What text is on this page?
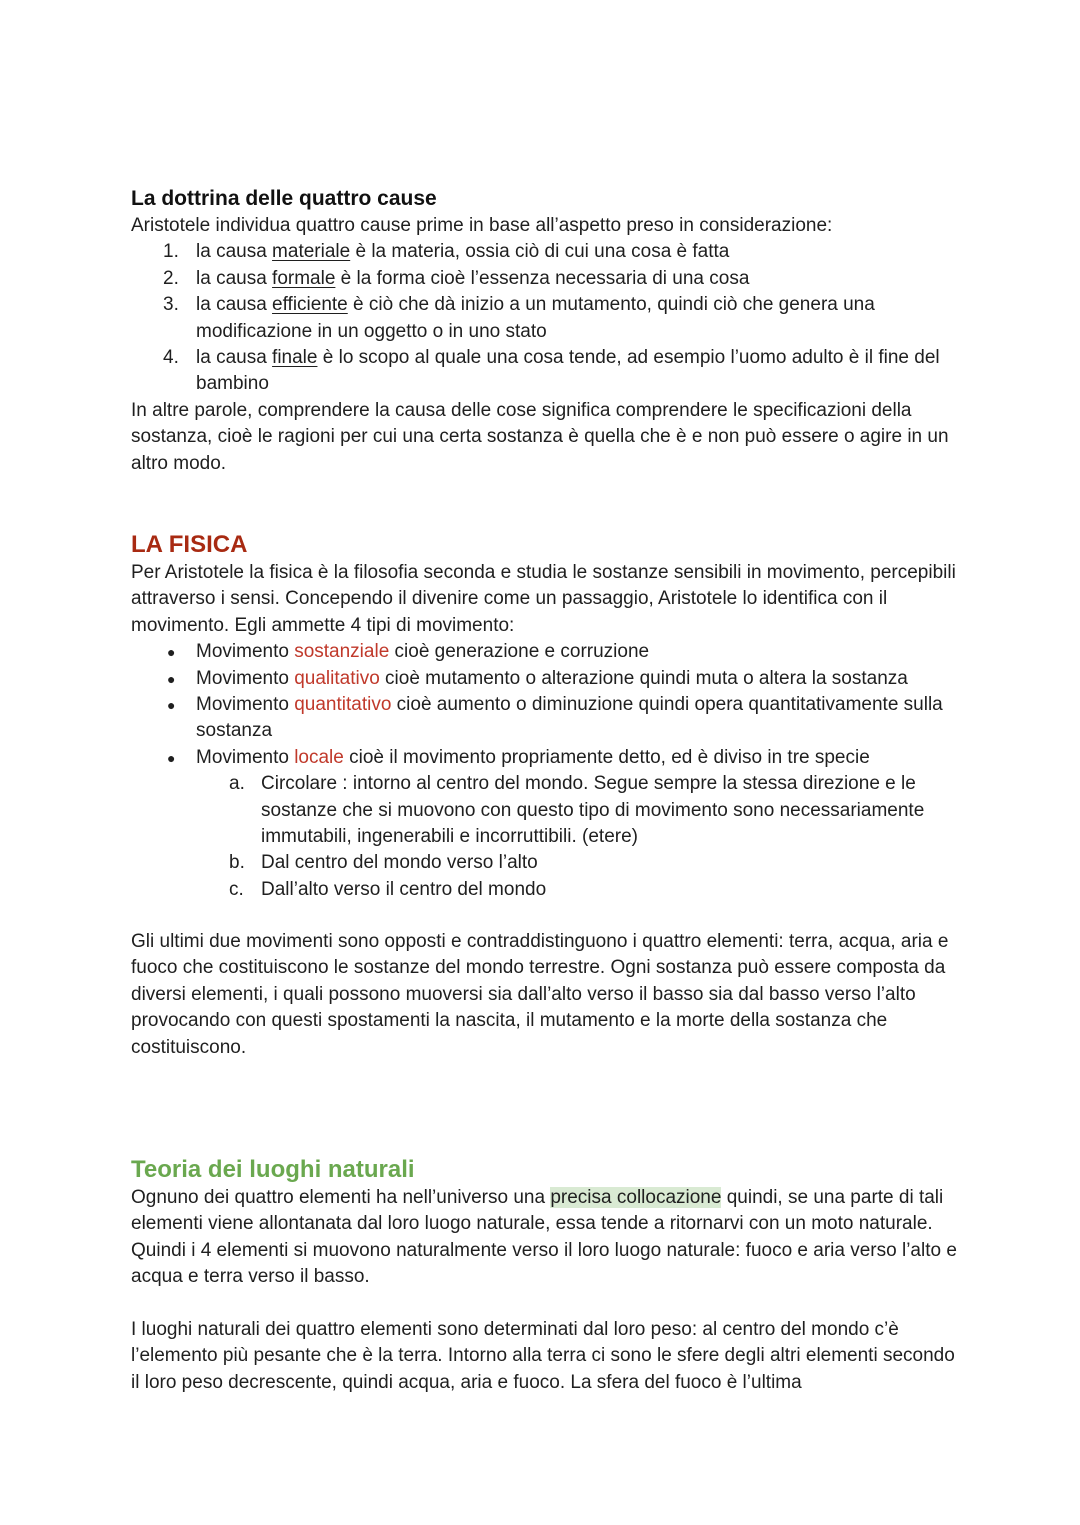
La dottrina delle quattro cause

Aristotele individua quattro cause prime in base all’aspetto preso in considerazione:

1. la causa materiale è la materia, ossia ciò di cui una cosa è fatta
2. la causa formale è la forma cioè l’essenza necessaria di una cosa
3. la causa efficiente è ciò che dà inizio a un mutamento, quindi ciò che genera una modificazione in un oggetto o in uno stato
4. la causa finale è lo scopo al quale una cosa tende, ad esempio l’uomo adulto è il fine del bambino

In altre parole, comprendere la causa delle cose significa comprendere le specificazioni della sostanza, cioè le ragioni per cui una certa sostanza è quella che è e non può essere o agire in un altro modo.

LA FISICA

Per Aristotele la fisica è la filosofia seconda e studia le sostanze sensibili in movimento, percepibili attraverso i sensi. Concependo il divenire come un passaggio, Aristotele lo identifica con il movimento. Egli ammette 4 tipi di movimento:

● Movimento sostanziale cioè generazione e corruzione
● Movimento qualitativo cioè mutamento o alterazione quindi muta o altera la sostanza
● Movimento quantitativo cioè aumento o diminuzione quindi opera quantitativamente sulla sostanza
● Movimento locale cioè il movimento propriamente detto, ed è diviso in tre specie
a. Circolare : intorno al centro del mondo. Segue sempre la stessa direzione e le sostanze che si muovono con questo tipo di movimento sono necessariamente immutabili, ingenerabili e incorruttibili. (etere)
b. Dal centro del mondo verso l’alto
c. Dall’alto verso il centro del mondo

Gli ultimi due movimenti sono opposti e contraddistinguono i quattro elementi: terra, acqua, aria e fuoco che costituiscono le sostanze del mondo terrestre. Ogni sostanza può essere composta da diversi elementi, i quali possono muoversi sia dall’alto verso il basso sia dal basso verso l’alto provocando con questi spostamenti la nascita, il mutamento e la morte della sostanza che costituiscono.

Teoria dei luoghi naturali

Ognuno dei quattro elementi ha nell’universo una precisa collocazione quindi, se una parte di tali elementi viene allontanata dal loro luogo naturale, essa tende a ritornarvi con un moto naturale. Quindi i 4 elementi si muovono naturalmente verso il loro luogo naturale: fuoco e aria verso l’alto e acqua e terra verso il basso.

I luoghi naturali dei quattro elementi sono determinati dal loro peso: al centro del mondo c’è l’elemento più pesante che è la terra. Intorno alla terra ci sono le sfere degli altri elementi secondo il loro peso decrescente, quindi acqua, aria e fuoco. La sfera del fuoco è l’ultima
